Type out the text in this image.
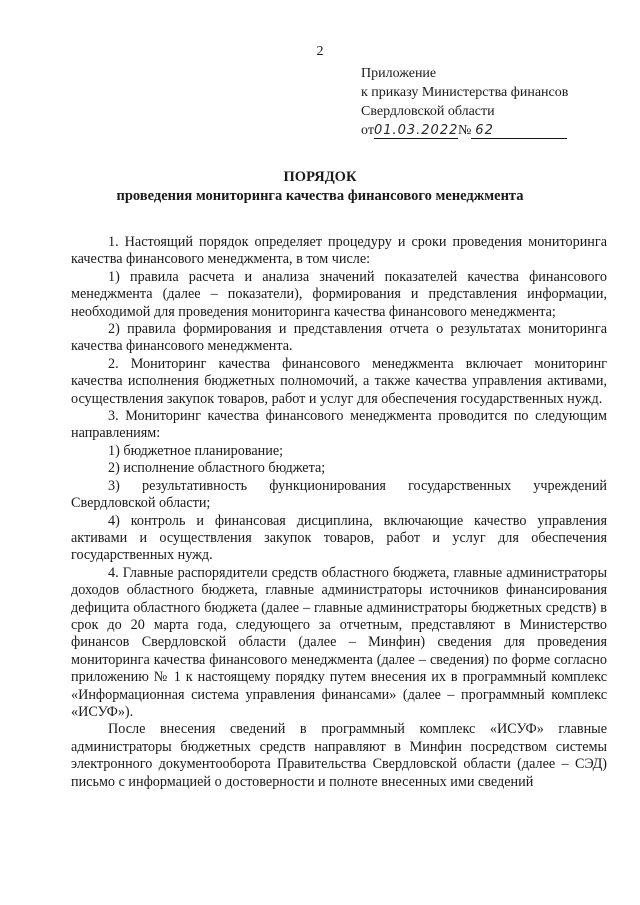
2
Приложение
к приказу Министерства финансов
Свердловской области
от01.03.2022№ 62
ПОРЯДОК
проведения мониторинга качества финансового менеджмента

1. Настоящий порядок определяет процедуру и сроки проведения мониторинга качества финансового менеджмента, в том числе:

1) правила расчета и анализа значений показателей качества финансового менеджмента (далее – показатели), формирования и представления информации, необходимой для проведения мониторинга качества финансового менеджмента;

2) правила формирования и представления отчета о результатах мониторинга качества финансового менеджмента.

2. Мониторинг качества финансового менеджмента включает мониторинг качества исполнения бюджетных полномочий, а также качества управления активами, осуществления закупок товаров, работ и услуг для обеспечения государственных нужд.

3. Мониторинг качества финансового менеджмента проводится по следующим направлениям:

1) бюджетное планирование;

2) исполнение областного бюджета;

3) результативность функционирования государственных учреждений Свердловской области;

4) контроль и финансовая дисциплина, включающие качество управления активами и осуществления закупок товаров, работ и услуг для обеспечения государственных нужд.

4. Главные распорядители средств областного бюджета, главные администраторы доходов областного бюджета, главные администраторы источников финансирования дефицита областного бюджета (далее – главные администраторы бюджетных средств) в срок до 20 марта года, следующего за отчетным, представляют в Министерство финансов Свердловской области (далее – Минфин) сведения для проведения мониторинга качества финансового менеджмента (далее – сведения) по форме согласно приложению № 1 к настоящему порядку путем внесения их в программный комплекс «Информационная система управления финансами» (далее – программный комплекс «ИСУФ»).

После внесения сведений в программный комплекс «ИСУФ» главные администраторы бюджетных средств направляют в Минфин посредством системы электронного документооборота Правительства Свердловской области (далее – СЭД) письмо с информацией о достоверности и полноте внесенных ими сведений
